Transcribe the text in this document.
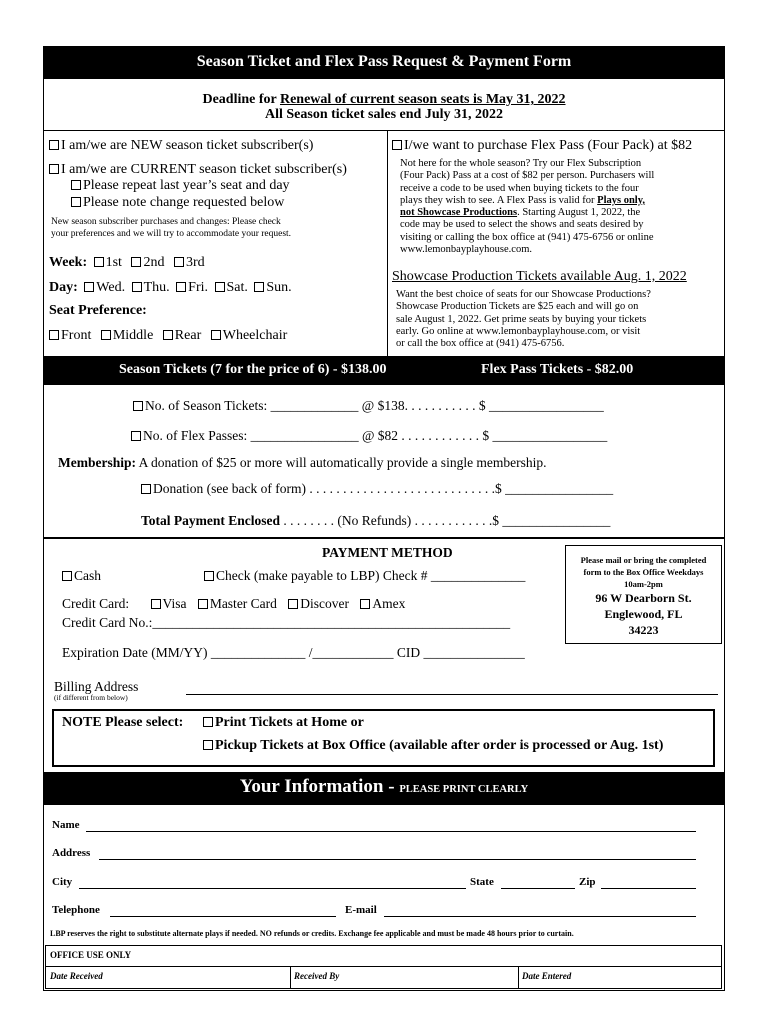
Season Ticket and Flex Pass Request & Payment Form
Deadline for Renewal of current season seats is May 31, 2022
All Season ticket sales end July 31, 2022
I am/we are NEW season ticket subscriber(s)
I am/we are CURRENT season ticket subscriber(s)
Please repeat last year’s seat and day
Please note change requested below
New season subscriber purchases and changes: Please check
your preferences and we will try to accommodate your request.
Week: 1st 2nd 3rd
Day: Wed. Thu. Fri. Sat. Sun.
Seat Preference:
Front Middle Rear Wheelchair
I/we want to purchase Flex Pass (Four Pack) at $82
Not here for the whole season? Try our Flex Subscription
(Four Pack) Pass at a cost of $82 per person. Purchasers will
receive a code to be used when buying tickets to the four
plays they wish to see. A Flex Pass is valid for Plays only,
not Showcase Productions. Starting August 1, 2022, the
code may be used to select the shows and seats desired by
visiting or calling the box office at (941) 475-6756 or online
www.lemonbayplayhouse.com.
Showcase Production Tickets available Aug. 1, 2022
Want the best choice of seats for our Showcase Productions?
Showcase Production Tickets are $25 each and will go on
sale August 1, 2022. Get prime seats by buying your tickets
early. Go online at www.lemonbayplayhouse.com, or visit
or call the box office at (941) 475-6756.
Season Tickets (7 for the price of 6) - $138.00	Flex Pass Tickets - $82.00
No. of Season Tickets: _____________ @ $138. . . . . . . . . . . $ _________________
No. of Flex Passes: ________________ @ $82 . . . . . . . . . . . . $ _________________
Membership: A donation of $25 or more will automatically provide a single membership.
Donation (see back of form) . . . . . . . . . . . . . . . . . . . . . . . . . . . .$ ________________
Total Payment Enclosed . . . . . . . . (No Refunds) . . . . . . . . . . . .$ ________________
PAYMENT METHOD
Cash	Check (make payable to LBP) Check # ______________
Credit Card: Visa Master Card Discover Amex
Credit Card No.:_____________________________________________________
Expiration Date (MM/YY) ______________ /____________ CID _______________
Billing Address
(if different from below)
Please mail or bring the completed
form to the Box Office Weekdays
10am-2pm
96 W Dearborn St.
Englewood, FL
34223
NOTE Please select:	Print Tickets at Home or
Pickup Tickets at Box Office (available after order is processed or Aug. 1st)
Your Information - PLEASE PRINT CLEARLY
Name
Address
City	State	Zip
Telephone	E-mail
LBP reserves the right to substitute alternate plays if needed. NO refunds or credits. Exchange fee applicable and must be made 48 hours prior to curtain.
OFFICE USE ONLY
Date Received	Received By	Date Entered
